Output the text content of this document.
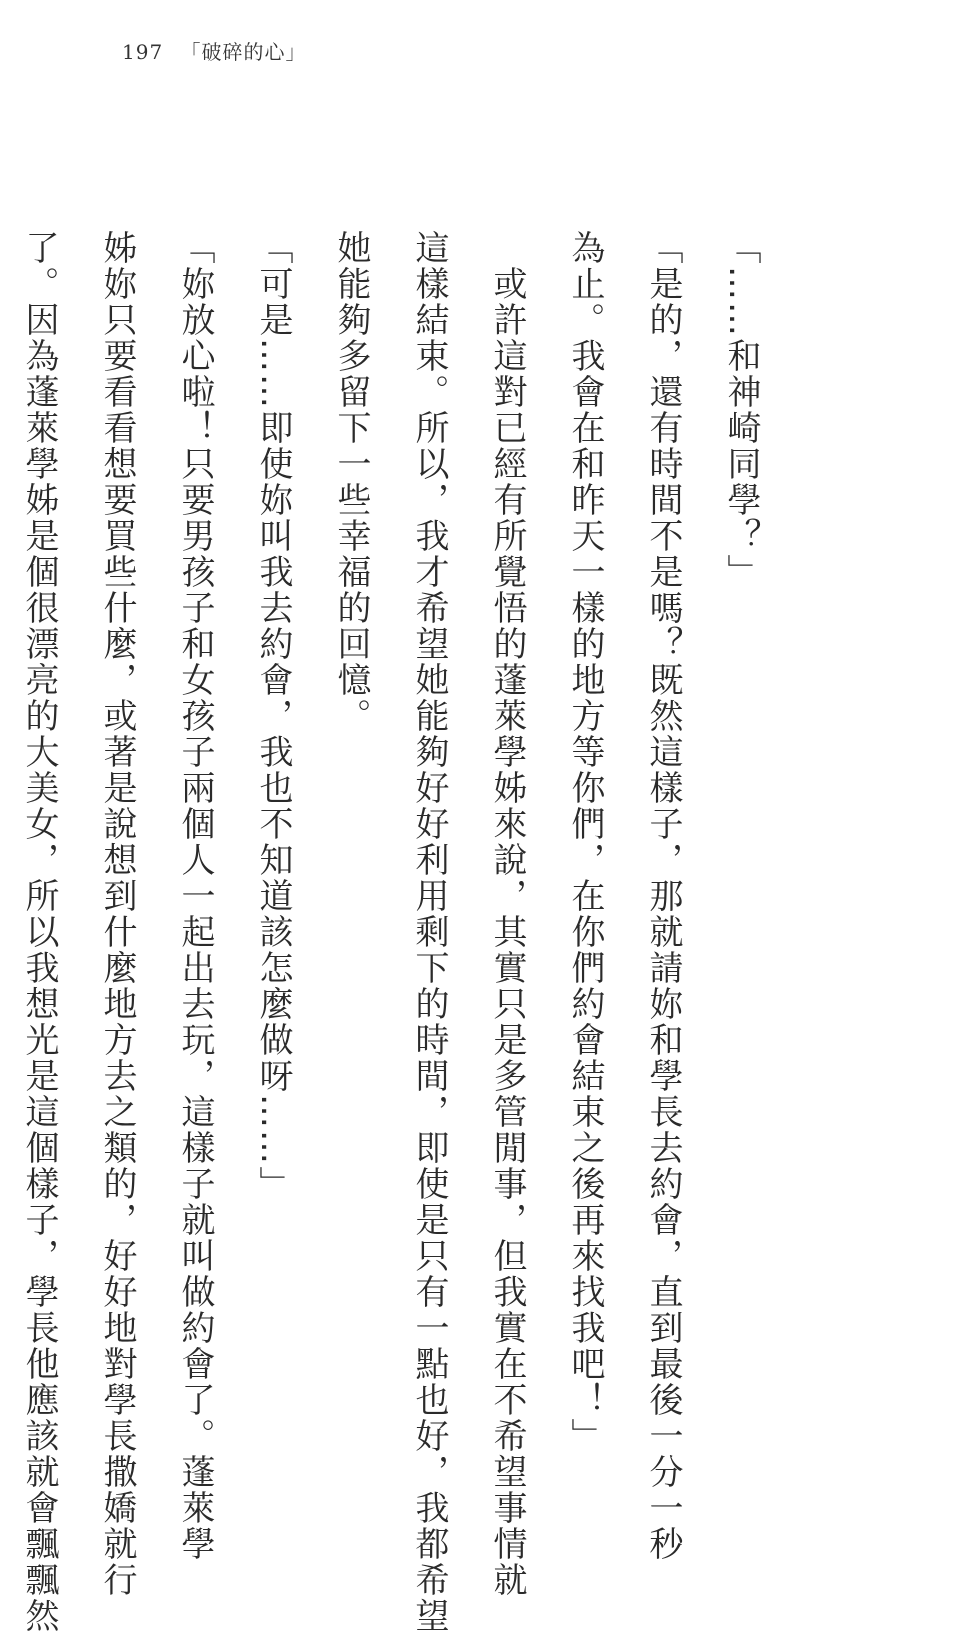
197 「破碎的心」

「……和神崎同學？」

「是的，還有時間不是嗎？既然這樣子，那就請妳和學長去約會，直到最後一分一秒

為止。我會在和昨天一樣的地方等你們，在你們約會結束之後再來找我吧！」

　或許這對已經有所覺悟的蓬萊學姊來說，其實只是多管閒事，但我實在不希望事情就

這樣結束。所以，我才希望她能夠好好利用剩下的時間，即使是只有一點也好，我都希望

她能夠多留下一些幸福的回憶。

「可是……即使妳叫我去約會，我也不知道該怎麼做呀……」

「妳放心啦！只要男孩子和女孩子兩個人一起出去玩，這樣子就叫做約會了。蓬萊學

姊妳只要看看想要買些什麼，或著是說想到什麼地方去之類的，好好地對學長撒嬌就行

了。因為蓬萊學姊是個很漂亮的大美女，所以我想光是這個樣子，學長他應該就會飄飄然
